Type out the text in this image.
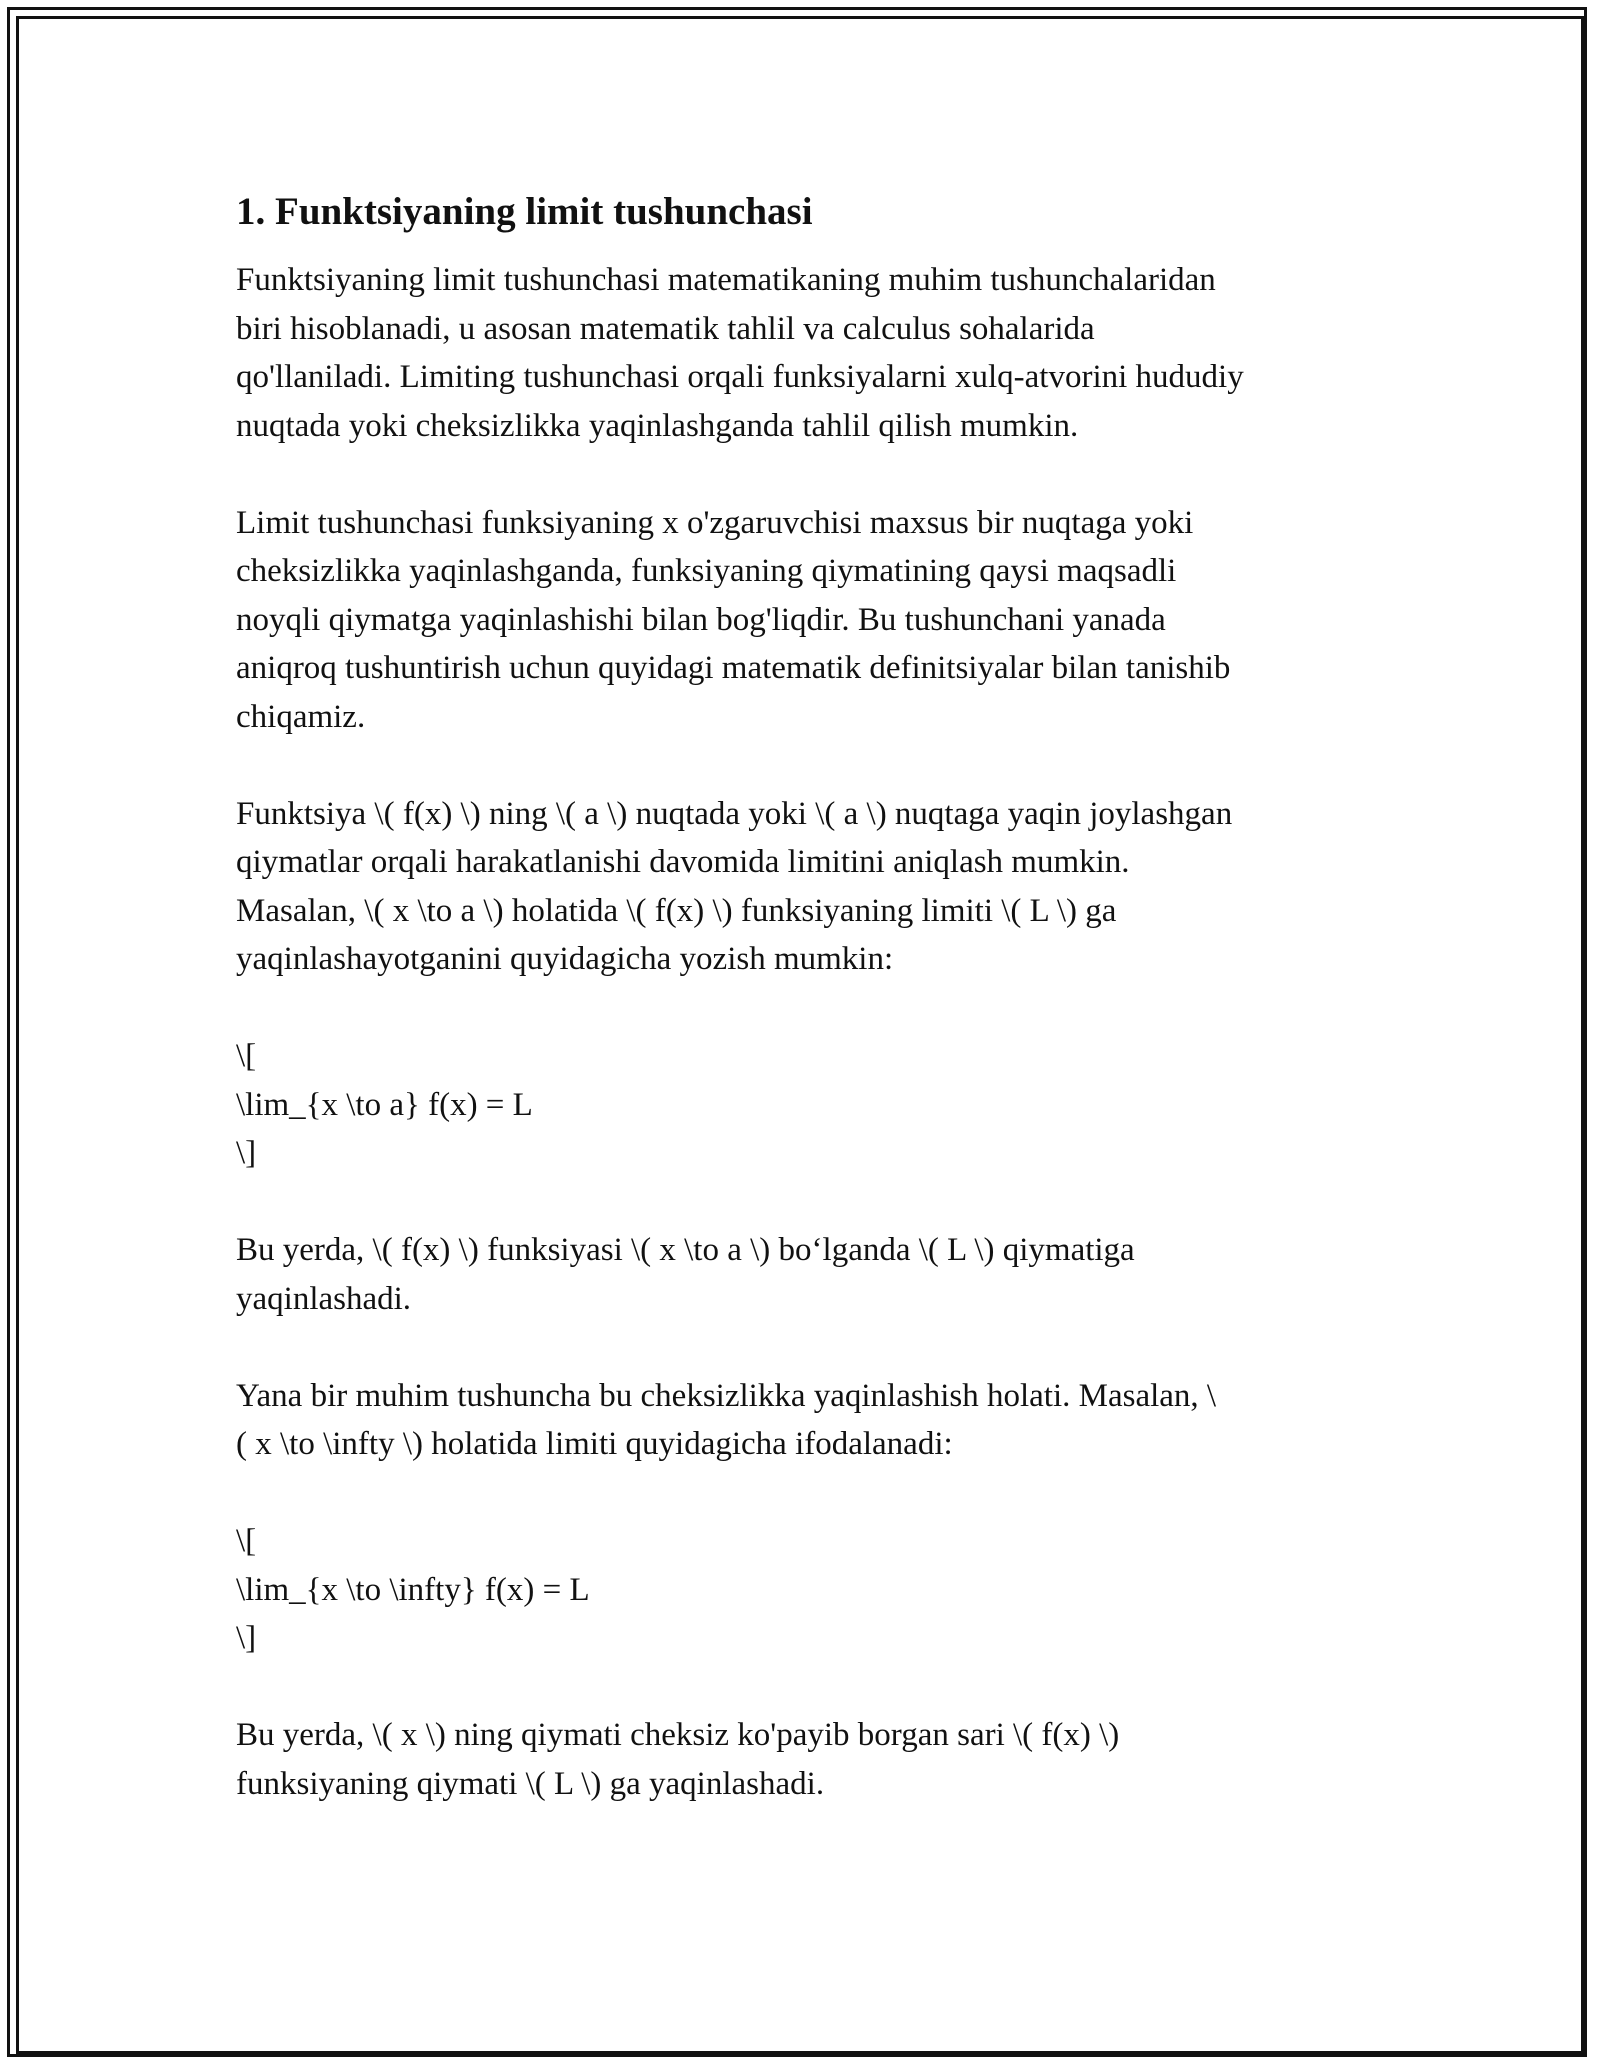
1. Funktsiyaning limit tushunchasi

Funktsiyaning limit tushunchasi matematikaning muhim tushunchalaridan
biri hisoblanadi, u asosan matematik tahlil va calculus sohalarida
qo'llaniladi. Limiting tushunchasi orqali funksiyalarni xulq-atvorini hududiy
nuqtada yoki cheksizlikka yaqinlashganda tahlil qilish mumkin.

Limit tushunchasi funksiyaning x o'zgaruvchisi maxsus bir nuqtaga yoki
cheksizlikka yaqinlashganda, funksiyaning qiymatining qaysi maqsadli
noyqli qiymatga yaqinlashishi bilan bog'liqdir. Bu tushunchani yanada
aniqroq tushuntirish uchun quyidagi matematik definitsiyalar bilan tanishib
chiqamiz.

Funktsiya \( f(x) \) ning \( a \) nuqtada yoki \( a \) nuqtaga yaqin joylashgan
qiymatlar orqali harakatlanishi davomida limitini aniqlash mumkin.
Masalan, \( x \to a \) holatida \( f(x) \) funksiyaning limiti \( L \) ga
yaqinlashayotganini quyidagicha yozish mumkin:

\[
\lim_{x \to a} f(x) = L
\]

Bu yerda, \( f(x) \) funksiyasi \( x \to a \) bo‘lganda \( L \) qiymatiga
yaqinlashadi.

Yana bir muhim tushuncha bu cheksizlikka yaqinlashish holati. Masalan, \
( x \to \infty \) holatida limiti quyidagicha ifodalanadi:

\[
\lim_{x \to \infty} f(x) = L
\]

Bu yerda, \( x \) ning qiymati cheksiz ko'payib borgan sari \( f(x) \)
funksiyaning qiymati \( L \) ga yaqinlashadi.
